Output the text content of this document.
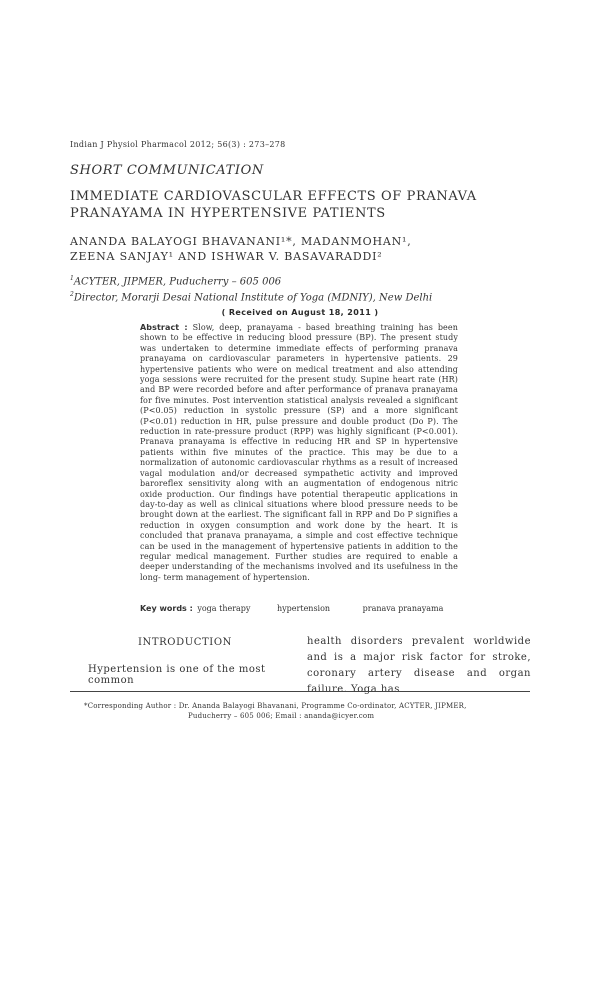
Indian J Physiol Pharmacol 2012; 56(3) : 273–278
SHORT COMMUNICATION
IMMEDIATE CARDIOVASCULAR EFFECTS OF PRANAVA
PRANAYAMA IN HYPERTENSIVE PATIENTS
ANANDA BALAYOGI BHAVANANI¹*, MADANMOHAN¹,
ZEENA SANJAY¹ AND ISHWAR V. BASAVARADDI²
$^1$ACYTER, JIPMER, Puducherry – 605 006
$^2$Director, Morarji Desai National Institute of Yoga (MDNIY), New Delhi
( Received on August 18, 2011 )
Abstract : Slow, deep, pranayama - based breathing training has been shown to be effective in reducing blood pressure (BP). The present study was undertaken to determine immediate effects of performing pranava pranayama on cardiovascular parameters in hypertensive patients. 29 hypertensive patients who were on medical treatment and also attending yoga sessions were recruited for the present study. Supine heart rate (HR) and BP were recorded before and after performance of pranava pranayama for five minutes. Post intervention statistical analysis revealed a significant (P<0.05) reduction in systolic pressure (SP) and a more significant (P<0.01) reduction in HR, pulse pressure and double product (Do P). The reduction in rate-pressure product (RPP) was highly significant (P<0.001). Pranava pranayama is effective in reducing HR and SP in hypertensive patients within five minutes of the practice. This may be due to a normalization of autonomic cardiovascular rhythms as a result of increased vagal modulation and/or decreased sympathetic activity and improved baroreflex sensitivity along with an augmentation of endogenous nitric oxide production. Our findings have potential therapeutic applications in day-to-day as well as clinical situations where blood pressure needs to be brought down at the earliest. The significant fall in RPP and Do P signifies a reduction in oxygen consumption and work done by the heart. It is concluded that pranava pranayama, a simple and cost effective technique can be used in the management of hypertensive patients in addition to the regular medical management. Further studies are required to enable a deeper understanding of the mechanisms involved and its usefulness in the long- term management of hypertension.
Key words : yoga therapy	hypertension	pranava pranayama
INTRODUCTION
Hypertension is one of the most common
health disorders prevalent worldwide and is a major risk factor for stroke, coronary artery disease and organ failure. Yoga has
*Corresponding Author : Dr. Ananda Balayogi Bhavanani, Programme Co-ordinator, ACYTER, JIPMER,
Puducherry – 605 006; Email : ananda@icyer.com
